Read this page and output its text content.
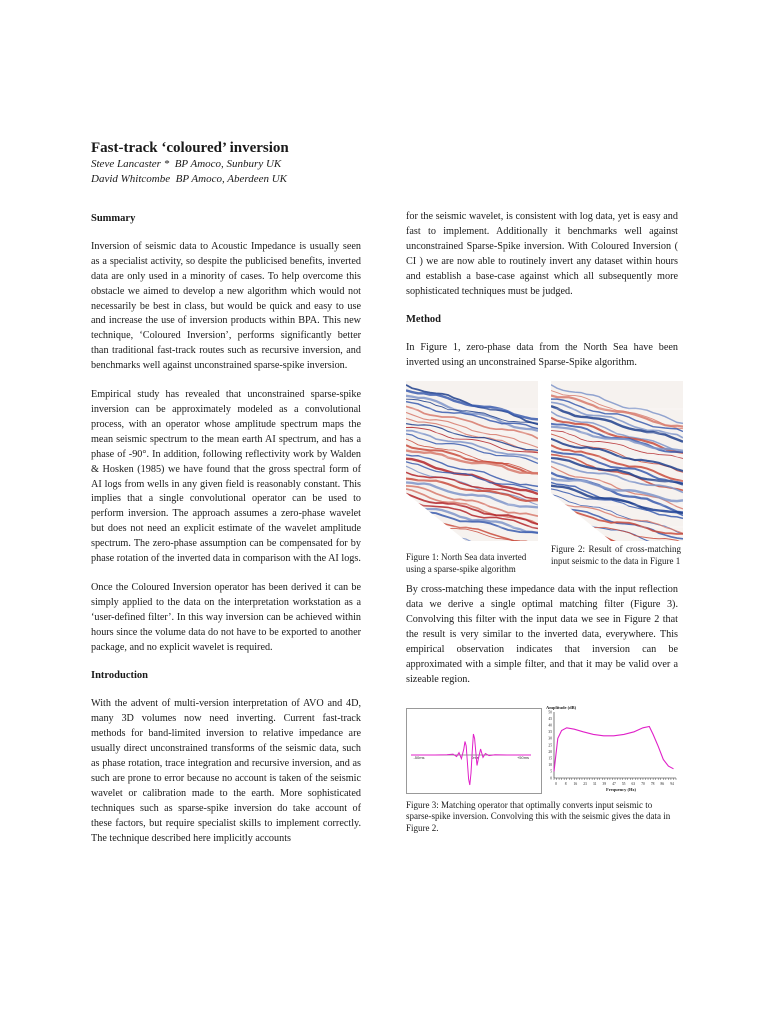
Fast-track ‘coloured’ inversion
Steve Lancaster *  BP Amoco, Sunbury UK
David Whitcombe  BP Amoco, Aberdeen UK
Summary

Inversion of seismic data to Acoustic Impedance is usually seen as a specialist activity, so despite the publicised benefits, inverted data are only used in a minority of cases. To help overcome this obstacle we aimed to develop a new algorithm which would not necessarily be best in class, but would be quick and easy to use and increase the use of inversion products within BPA. This new technique, ‘Coloured Inversion’, performs significantly better than traditional fast-track routes such as recursive inversion, and benchmarks well against unconstrained sparse-spike inversion.

Empirical study has revealed that unconstrained sparse-spike inversion can be approximately modeled as a convolutional process, with an operator whose amplitude spectrum maps the mean seismic spectrum to the mean earth AI spectrum, and has a phase of -90°. In addition, following reflectivity work by Walden & Hosken (1985) we have found that the gross spectral form of AI logs from wells in any given field is reasonably constant. This implies that a single convolutional operator can be used to perform inversion. The approach assumes a zero-phase wavelet but does not need an explicit estimate of the wavelet amplitude spectrum. The zero-phase assumption can be compensated for by phase rotation of the inverted data in comparison with the AI logs.

Once the Coloured Inversion operator has been derived it can be simply applied to the data on the interpretation workstation as a ‘user-defined filter’. In this way inversion can be achieved within hours since the volume data do not have to be exported to another package, and no explicit wavelet is required.

Introduction

With the advent of multi-version interpretation of AVO and 4D, many 3D volumes now need inverting. Current fast-track methods for band-limited inversion to relative impedance are usually direct unconstrained transforms of the seismic data, such as phase rotation, trace integration and recursive inversion, and as such are prone to error because no account is taken of the seismic wavelet or calibration made to the earth. More sophisticated techniques such as sparse-spike inversion do take account of these factors, but require specialist skills to implement correctly. The technique described here implicitly accounts

for the seismic wavelet, is consistent with log data, yet is easy and fast to implement. Additionally it benchmarks well against unconstrained Sparse-Spike inversion. With Coloured Inversion ( CI ) we are now able to routinely invert any dataset within hours and establish a base-case against which all subsequently more sophisticated techniques must be judged.

Method

In Figure 1, zero-phase data from the North Sea have been inverted using an unconstrained Sparse-Spike algorithm.

Figure 1: North Sea data inverted using a sparse-spike algorithm
Figure 2: Result of cross-matching input seismic to the data in Figure 1

By cross-matching these impedance data with the input reflection data we derive a single optimal matching filter (Figure 3). Convolving this filter with the input data we see in Figure 2 that the result is very similar to the inverted data, everywhere. This empirical observation indicates that inversion can be approximated with a simple filter, and that it may be valid over a sizeable region.

-50ms	0ms	+50ms
Amplitude (dB)
0
5
10
15
20
25
30
35
40
45
50
0 8 16 23 31 39 47 55 63 70 78 86 94
Frequency (Hz)
Figure 3: Matching operator that optimally converts input seismic to sparse-spike inversion. Convolving this with the seismic gives the data in Figure 2.
